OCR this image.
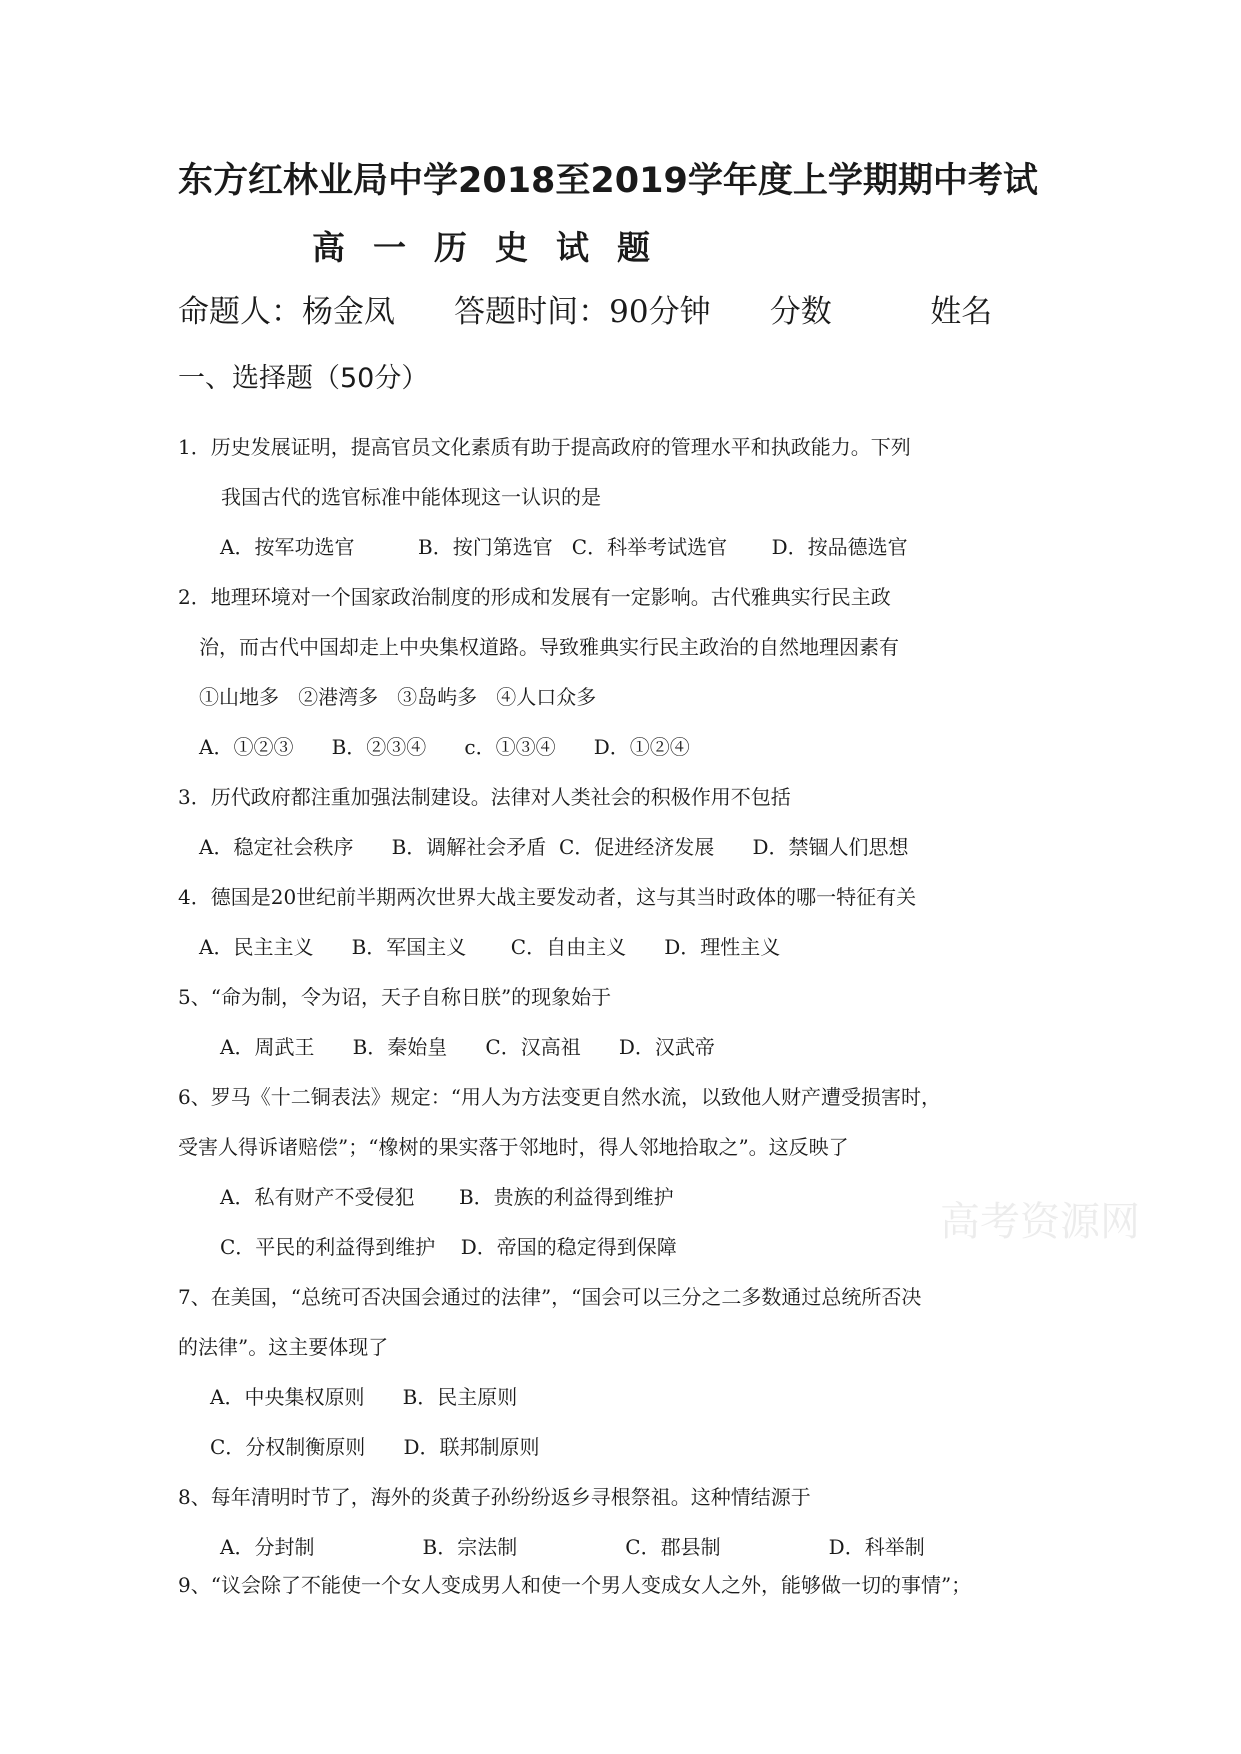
东方红林业局中学2018至2019学年度上学期期中考试
高一历史试题
命题人：杨金凤      答题时间：90分钟      分数          姓名
一、选择题（50分）
1．历史发展证明，提高官员文化素质有助于提高政府的管理水平和执政能力。下列
我国古代的选官标准中能体现这一认识的是
A．按军功选官          B．按门第选官   C．科举考试选官       D．按品德选官
2．地理环境对一个国家政治制度的形成和发展有一定影响。古代雅典实行民主政
治，而古代中国却走上中央集权道路。导致雅典实行民主政治的自然地理因素有
①山地多   ②港湾多   ③岛屿多   ④人口众多
A．①②③      B．②③④      c．①③④      D．①②④
3．历代政府都注重加强法制建设。法律对人类社会的积极作用不包括
A．稳定社会秩序      B．调解社会矛盾  C．促进经济发展      D．禁锢人们思想
4．德国是20世纪前半期两次世界大战主要发动者，这与其当时政体的哪一特征有关
A．民主主义      B．军国主义       C．自由主义      D．理性主义
5、“命为制，令为诏，天子自称日朕”的现象始于
A．周武王      B．秦始皇      C．汉高祖      D．汉武帝
6、罗马《十二铜表法》规定：“用人为方法变更自然水流，以致他人财产遭受损害时，
受害人得诉诸赔偿”；“橡树的果实落于邻地时，得人邻地拾取之”。这反映了
A．私有财产不受侵犯       B．贵族的利益得到维护
C．平民的利益得到维护    D．帝国的稳定得到保障
7、在美国，“总统可否决国会通过的法律”，“国会可以三分之二多数通过总统所否决
的法律”。这主要体现了
A．中央集权原则      B．民主原则
C．分权制衡原则      D．联邦制原则
8、每年清明时节了，海外的炎黄子孙纷纷返乡寻根祭祖。这种情结源于
A．分封制                 B．宗法制                 C．郡县制                 D．科举制
9、“议会除了不能使一个女人变成男人和使一个男人变成女人之外，能够做一切的事情”；
高考资源网
